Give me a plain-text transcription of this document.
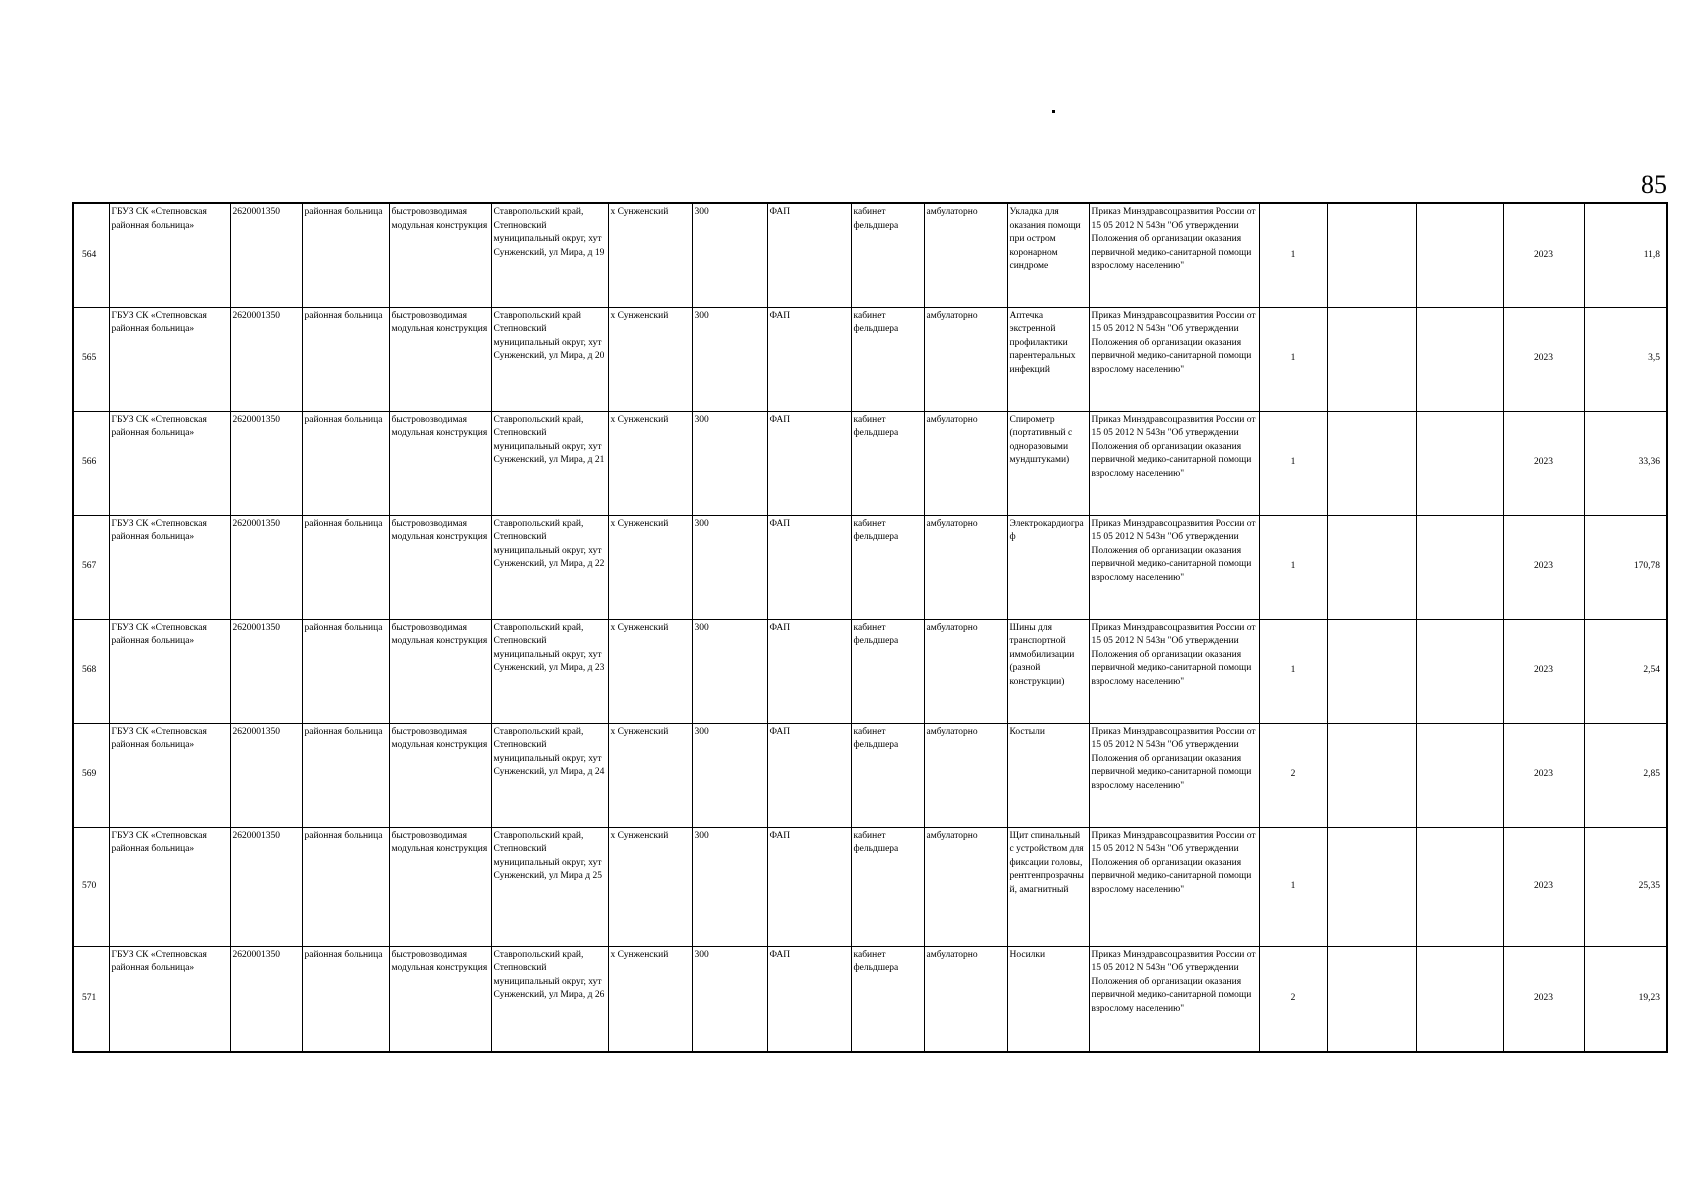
85
564	ГБУЗ СК «Степновская районная больница»	2620001350	районная больница	быстровозводимая модульная конструкция	Ставропольский край, Степновский муниципальный округ, хут Сунженский, ул Мира, д 19	х Сунженский	300	ФАП	кабинет фельдшера	амбулаторно	Укладка для оказания помощи при остром коронарном синдроме	Приказ Минздравсоцразвития России от 15 05 2012 N 543н "Об утверждении Положения об организации оказания первичной медико-санитарной помощи взрослому населению"	1			2023	11,8
565	ГБУЗ СК «Степновская районная больница»	2620001350	районная больница	быстровозводимая модульная конструкция	Ставропольский край Степновский муниципальный округ, хут Сунженский, ул Мира, д 20	х Сунженский	300	ФАП	кабинет фельдшера	амбулаторно	Аптечка экстренной профилактики парентеральных инфекций	Приказ Минздравсоцразвития России от 15 05 2012 N 543н "Об утверждении Положения об организации оказания первичной медико-санитарной помощи взрослому населению"	1			2023	3,5
566	ГБУЗ СК «Степновская районная больница»	2620001350	районная больница	быстровозводимая модульная конструкция	Ставропольский край, Степновский муниципальный округ, хут Сунженский, ул Мира, д 21	х Сунженский	300	ФАП	кабинет фельдшера	амбулаторно	Спирометр (портативный с одноразовыми мундштуками)	Приказ Минздравсоцразвития России от 15 05 2012 N 543н "Об утверждении Положения об организации оказания первичной медико-санитарной помощи взрослому населению"	1			2023	33,36
567	ГБУЗ СК «Степновская районная больница»	2620001350	районная больница	быстровозводимая модульная конструкция	Ставропольский край, Степновский муниципальный округ, хут Сунженский, ул Мира, д 22	х Сунженский	300	ФАП	кабинет фельдшера	амбулаторно	Электрокардиограф	Приказ Минздравсоцразвития России от 15 05 2012 N 543н "Об утверждении Положения об организации оказания первичной медико-санитарной помощи взрослому населению"	1			2023	170,78
568	ГБУЗ СК «Степновская районная больница»	2620001350	районная больница	быстровозводимая модульная конструкция	Ставропольский край, Степновский муниципальный округ, хут Сунженский, ул Мира, д 23	х Сунженский	300	ФАП	кабинет фельдшера	амбулаторно	Шины для транспортной иммобилизации (разной конструкции)	Приказ Минздравсоцразвития России от 15 05 2012 N 543н "Об утверждении Положения об организации оказания первичной медико-санитарной помощи взрослому населению"	1			2023	2,54
569	ГБУЗ СК «Степновская районная больница»	2620001350	районная больница	быстровозводимая модульная конструкция	Ставропольский край, Степновский муниципальный округ, хут Сунженский, ул Мира, д 24	х Сунженский	300	ФАП	кабинет фельдшера	амбулаторно	Костыли	Приказ Минздравсоцразвития России от 15 05 2012 N 543н "Об утверждении Положения об организации оказания первичной медико-санитарной помощи взрослому населению"	2			2023	2,85
570	ГБУЗ СК «Степновская районная больница»	2620001350	районная больница	быстровозводимая модульная конструкция	Ставропольский край, Степновский муниципальный округ, хут Сунженский, ул Мира д 25	х Сунженский	300	ФАП	кабинет фельдшера	амбулаторно	Щит спинальный с устройством для фиксации головы, рентгенпрозрачный, амагнитный	Приказ Минздравсоцразвития России от 15 05 2012 N 543н "Об утверждении Положения об организации оказания первичной медико-санитарной помощи взрослому населению"	1			2023	25,35
571	ГБУЗ СК «Степновская районная больница»	2620001350	районная больница	быстровозводимая модульная конструкция	Ставропольский край, Степновский муниципальный округ, хут Сунженский, ул Мира, д 26	х Сунженский	300	ФАП	кабинет фельдшера	амбулаторно	Носилки	Приказ Минздравсоцразвития России от 15 05 2012 N 543н "Об утверждении Положения об организации оказания первичной медико-санитарной помощи взрослому населению"	2			2023	19,23
